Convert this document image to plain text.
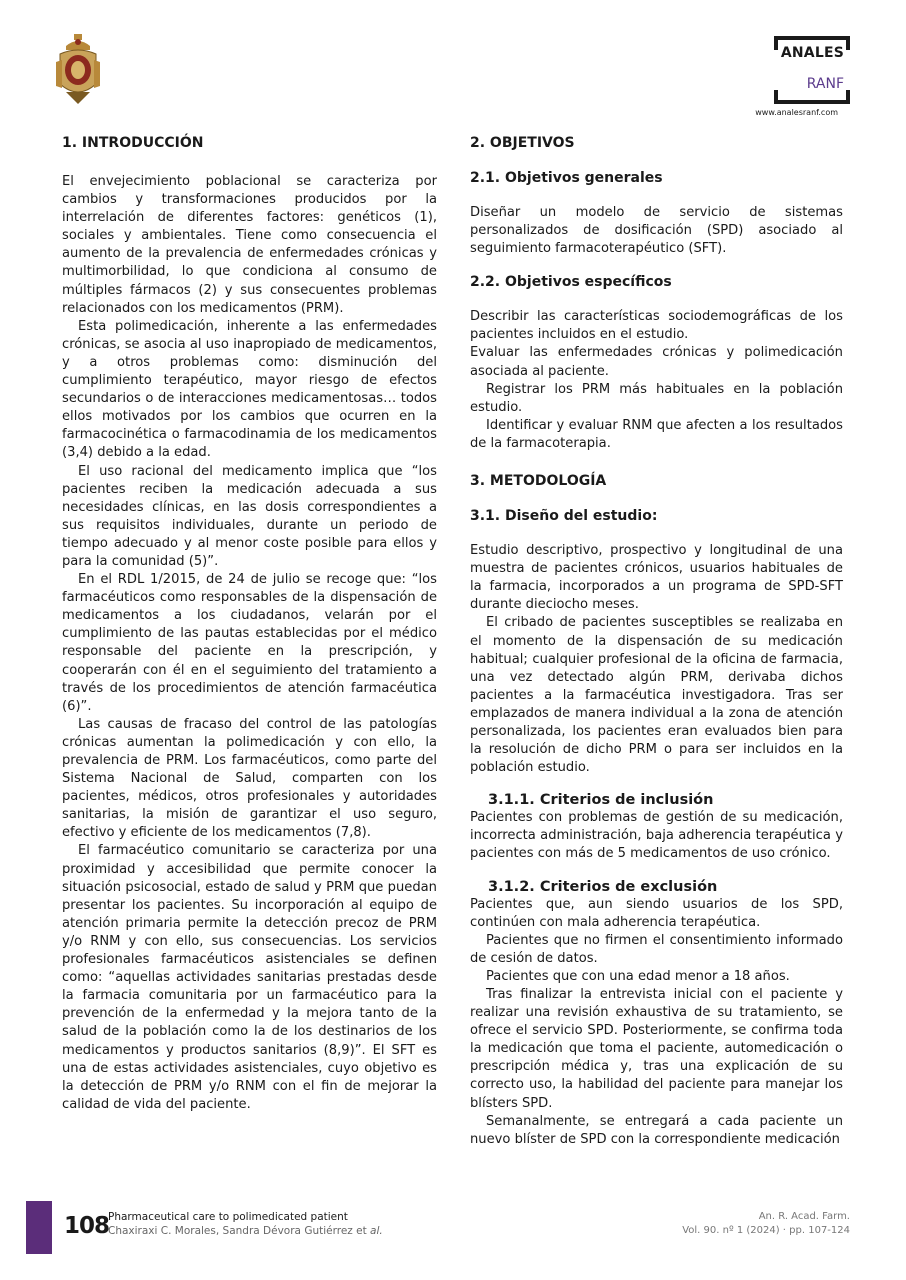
ANALES
RANF
www.analesranf.com
1. INTRODUCCIÓN

El envejecimiento poblacional se caracteriza por cambios y transformaciones producidos por la interrelación de diferentes factores: genéticos (1), sociales y ambientales. Tiene como consecuencia el aumento de la prevalencia de enfermedades crónicas y multimorbilidad, lo que condiciona al consumo de múltiples fármacos (2) y sus consecuentes problemas relacionados con los medicamentos (PRM).

Esta polimedicación, inherente a las enfermedades crónicas, se asocia al uso inapropiado de medicamentos, y a otros problemas como: disminución del cumplimiento terapéutico, mayor riesgo de efectos secundarios o de interacciones medicamentosas… todos ellos motivados por los cambios que ocurren en la farmacocinética o farmacodinamia de los medicamentos (3,4) debido a la edad.

El uso racional del medicamento implica que “los pacientes reciben la medicación adecuada a sus necesidades clínicas, en las dosis correspondientes a sus requisitos individuales, durante un periodo de tiempo adecuado y al menor coste posible para ellos y para la comunidad (5)”.

En el RDL 1/2015, de 24 de julio se recoge que: “los farmacéuticos como responsables de la dispensación de medicamentos a los ciudadanos, velarán por el cumplimiento de las pautas establecidas por el médico responsable del paciente en la prescripción, y cooperarán con él en el seguimiento del tratamiento a través de los procedimientos de atención farmacéutica (6)”.

Las causas de fracaso del control de las patologías crónicas aumentan la polimedicación y con ello, la prevalencia de PRM. Los farmacéuticos, como parte del Sistema Nacional de Salud, comparten con los pacientes, médicos, otros profesionales y autoridades sanitarias, la misión de garantizar el uso seguro, efectivo y eficiente de los medicamentos (7,8).

El farmacéutico comunitario se caracteriza por una proximidad y accesibilidad que permite conocer la situación psicosocial, estado de salud y PRM que puedan presentar los pacientes. Su incorporación al equipo de atención primaria permite la detección precoz de PRM y/o RNM y con ello, sus consecuencias. Los servicios profesionales farmacéuticos asistenciales se definen como: “aquellas actividades sanitarias prestadas desde la farmacia comunitaria por un farmacéutico para la prevención de la enfermedad y la mejora tanto de la salud de la población como la de los destinarios de los medicamentos y productos sanitarios (8,9)”. El SFT es una de estas actividades asistenciales, cuyo objetivo es la detección de PRM y/o RNM con el fin de mejorar la calidad de vida del paciente.

2. OBJETIVOS
2.1. Objetivos generales

Diseñar un modelo de servicio de sistemas personalizados de dosificación (SPD) asociado al seguimiento farmacoterapéutico (SFT).

2.2. Objetivos específicos

Describir las características sociodemográficas de los pacientes incluidos en el estudio.

Evaluar las enfermedades crónicas y polimedicación asociada al paciente.

Registrar los PRM más habituales en la población estudio.

Identificar y evaluar RNM que afecten a los resultados de la farmacoterapia.

3. METODOLOGÍA
3.1. Diseño del estudio:

Estudio descriptivo, prospectivo y longitudinal de una muestra de pacientes crónicos, usuarios habituales de la farmacia, incorporados a un programa de SPD-SFT durante dieciocho meses.

El cribado de pacientes susceptibles se realizaba en el momento de la dispensación de su medicación habitual; cualquier profesional de la oficina de farmacia, una vez detectado algún PRM, derivaba dichos pacientes a la farmacéutica investigadora. Tras ser emplazados de manera individual a la zona de atención personalizada, los pacientes eran evaluados bien para la resolución de dicho PRM o para ser incluidos en la población estudio.

3.1.1. Criterios de inclusión

Pacientes con problemas de gestión de su medicación, incorrecta administración, baja adherencia terapéutica y pacientes con más de 5 medicamentos de uso crónico.

3.1.2. Criterios de exclusión

Pacientes que, aun siendo usuarios de los SPD, continúen con mala adherencia terapéutica.

Pacientes que no firmen el consentimiento informado de cesión de datos.

Pacientes que con una edad menor a 18 años.

Tras finalizar la entrevista inicial con el paciente y realizar una revisión exhaustiva de su tratamiento, se ofrece el servicio SPD. Posteriormente, se confirma toda la medicación que toma el paciente, automedicación o prescripción médica y, tras una explicación de su correcto uso, la habilidad del paciente para manejar los blísters SPD.

Semanalmente, se entregará a cada paciente un nuevo blíster de SPD con la correspondiente medicación

108
Pharmaceutical care to polimedicated patient
Chaxiraxi C. Morales, Sandra Dévora Gutiérrez et al.
An. R. Acad. Farm.
Vol. 90. nº 1 (2024) · pp. 107-124
